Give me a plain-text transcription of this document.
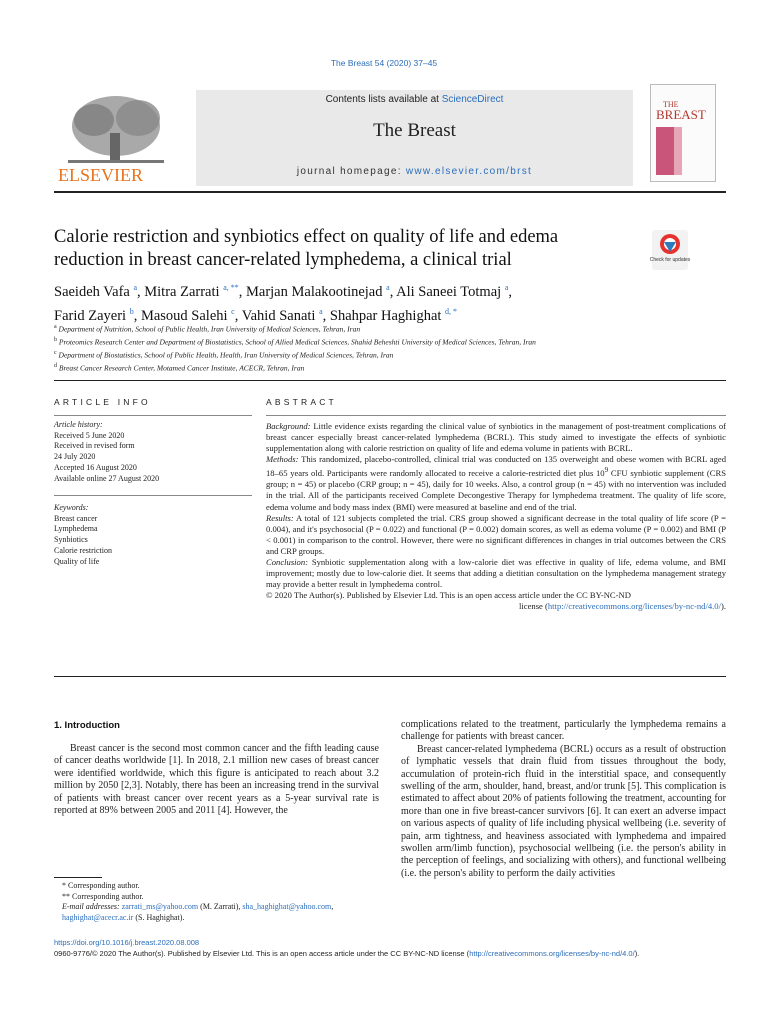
The Breast 54 (2020) 37–45
ELSEVIER
Contents lists available at ScienceDirect
The Breast
journal homepage: www.elsevier.com/brst
THE
BREAST
Calorie restriction and synbiotics effect on quality of life and edema
reduction in breast cancer-related lymphedema, a clinical trial	Check for updates
Saeideh Vafa $^a$, Mitra Zarrati $^{a, **}$, Marjan Malakootinejad $^a$, Ali Saneei Totmaj $^a$,
Farid Zayeri $^b$, Masoud Salehi $^c$, Vahid Sanati $^a$, Shahpar Haghighat $^{d, *}$
$^a$ Department of Nutrition, School of Public Health, Iran University of Medical Sciences, Tehran, Iran
$^b$ Proteomics Research Center and Department of Biostatistics, School of Allied Medical Sciences, Shahid Beheshti University of Medical Sciences, Tehran, Iran
$^c$ Department of Biostatistics, School of Public Health, Health, Iran University of Medical Sciences, Tehran, Iran
$^d$ Breast Cancer Research Center, Motamed Cancer Institute, ACECR, Tehran, Iran
ARTICLE INFO
Article history:
Received 5 June 2020
Received in revised form
24 July 2020
Accepted 16 August 2020
Available online 27 August 2020
Keywords:
Breast cancer
Lymphedema
Synbiotics
Calorie restriction
Quality of life
ABSTRACT

Background: Little evidence exists regarding the clinical value of synbiotics in the management of post-treatment complications of breast cancer especially breast cancer-related lymphedema (BCRL). This study aimed to investigate the effects of synbiotic supplementation along with calorie restriction on quality of life and edema volume in patients with BCRL.

Methods: This randomized, placebo-controlled, clinical trial was conducted on 135 overweight and obese women with BCRL aged 18–65 years old. Participants were randomly allocated to receive a calorie-restricted diet plus $10^9$ CFU synbiotic supplement (CRS group; n = 45) or placebo (CRP group; n = 45), daily for 10 weeks. Also, a control group (n = 45) with no intervention was included in the trial. All of the participants received Complete Decongestive Therapy for lymphedema treatment. The quality of life score, edema volume and body mass index (BMI) were measured at baseline and end of the trial.

Results: A total of 121 subjects completed the trial. CRS group showed a significant decrease in the total quality of life score (P = 0.004), and it's psychosocial (P = 0.022) and functional (P = 0.002) domain scores, as well as edema volume (P = 0.002) and BMI (P < 0.001) in comparison to the control. However, there were no significant differences in changes in trial outcomes between the CRS and CRP groups.

Conclusion: Synbiotic supplementation along with a low-calorie diet was effective in quality of life, edema volume, and BMI improvement; mostly due to low-calorie diet. It seems that adding a dietitian consultation on the lymphedema management strategy may provide a better result in lymphedema control.

© 2020 The Author(s). Published by Elsevier Ltd. This is an open access article under the CC BY-NC-ND

license (http://creativecommons.org/licenses/by-nc-nd/4.0/).

1. Introduction

Breast cancer is the second most common cancer and the fifth leading cause of cancer deaths worldwide [1]. In 2018, 2.1 million new cases of breast cancer were identified worldwide, which this figure is anticipated to reach about 3.2 million by 2050 [2,3]. Notably, there has been an increasing trend in the survival of patients with breast cancer over recent years as a 5-year survival rate is reported at 89% between 2005 and 2011 [4]. However, the

complications related to the treatment, particularly the lymphedema remains a challenge for patients with breast cancer.

Breast cancer-related lymphedema (BCRL) occurs as a result of obstruction of lymphatic vessels that drain fluid from tissues throughout the body, accumulation of protein-rich fluid in the interstitial space, and consequently swelling of the arm, shoulder, hand, breast, and/or trunk [5]. This complication is estimated to affect about 20% of patients following the treatment, accounting for more than one in five breast-cancer survivors [6]. It can exert an adverse impact on various aspects of quality of life including physical wellbeing (i.e. severity of pain, arm tightness, and heaviness associated with lymphedema and impaired swollen arm/limb function), psychosocial wellbeing (i.e. the person's ability in the perception of feelings, and socializing with others), and functional wellbeing (i.e. the person's ability to perform the daily activities

* Corresponding author.
** Corresponding author.
E-mail addresses: zarrati_ms@yahoo.com (M. Zarrati), sha_haghighat@yahoo.com, haghighat@acecr.ac.ir (S. Haghighat).
https://doi.org/10.1016/j.breast.2020.08.008
0960-9776/© 2020 The Author(s). Published by Elsevier Ltd. This is an open access article under the CC BY-NC-ND license (http://creativecommons.org/licenses/by-nc-nd/4.0/).
